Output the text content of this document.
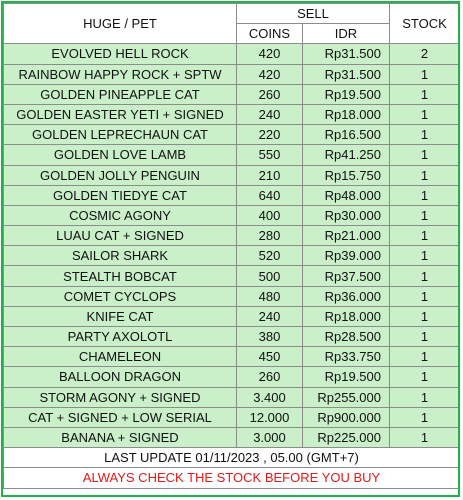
HUGE / PET	SELL		STOCK
	COINS	IDR	
EVOLVED HELL ROCK	420	Rp31.500	2
RAINBOW HAPPY ROCK + SPTW	420	Rp31.500	1
GOLDEN PINEAPPLE CAT	260	Rp19.500	1
GOLDEN EASTER YETI + SIGNED	240	Rp18.000	1
GOLDEN LEPRECHAUN CAT	220	Rp16.500	1
GOLDEN LOVE LAMB	550	Rp41.250	1
GOLDEN JOLLY PENGUIN	210	Rp15.750	1
GOLDEN TIEDYE CAT	640	Rp48.000	1
COSMIC AGONY	400	Rp30.000	1
LUAU CAT + SIGNED	280	Rp21.000	1
SAILOR SHARK	520	Rp39.000	1
STEALTH BOBCAT	500	Rp37.500	1
COMET CYCLOPS	480	Rp36.000	1
KNIFE CAT	240	Rp18.000	1
PARTY AXOLOTL	380	Rp28.500	1
CHAMELEON	450	Rp33.750	1
BALLOON DRAGON	260	Rp19.500	1
STORM AGONY + SIGNED	3.400	Rp255.000	1
CAT + SIGNED + LOW SERIAL	12.000	Rp900.000	1
BANANA + SIGNED	3.000	Rp225.000	1
LAST UPDATE 01/11/2023 , 05.00 (GMT+7)			
ALWAYS CHECK THE STOCK BEFORE YOU BUY			
